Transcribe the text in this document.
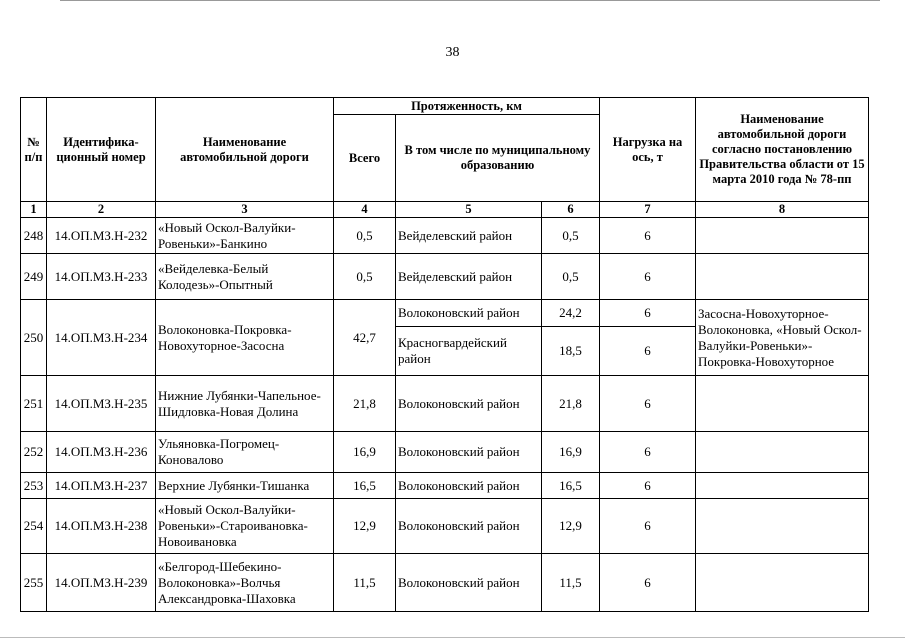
38
№ п/п	Идентифика-ционный номер	Наименование автомобильной дороги	Протяженность, км			Нагрузка на ось, т	Наименование автомобильной дороги согласно постановлению Правительства области от 15 марта 2010 года № 78-пп
			Всего	В том числе по муниципальному образованию			
1	2	3	4	5	6	7	8
248	14.ОП.МЗ.Н-232	«Новый Оскол-Валуйки-Ровеньки»-Банкино	0,5	Вейделевский район	0,5	6	
249	14.ОП.МЗ.Н-233	«Вейделевка-Белый Колодезь»-Опытный	0,5	Вейделевский район	0,5	6	
250	14.ОП.МЗ.Н-234	Волоконовка-Покровка-Новохуторное-Засосна	42,7	Волоконовский район	24,2	6	Засосна-Новохуторное-Волоконовка, «Новый Оскол-Валуйки-Ровеньки»-Покровка-Новохуторное
				Красногвардейский район	18,5	6	
251	14.ОП.МЗ.Н-235	Нижние Лубянки-Чапельное-Шидловка-Новая Долина	21,8	Волоконовский район	21,8	6	
252	14.ОП.МЗ.Н-236	Ульяновка-Погромец-Коновалово	16,9	Волоконовский район	16,9	6	
253	14.ОП.МЗ.Н-237	Верхние Лубянки-Тишанка	16,5	Волоконовский район	16,5	6	
254	14.ОП.МЗ.Н-238	«Новый Оскол-Валуйки-Ровеньки»-Староивановка-Новоивановка	12,9	Волоконовский район	12,9	6	
255	14.ОП.МЗ.Н-239	«Белгород-Шебекино-Волоконовка»-Волчья Александровка-Шаховка	11,5	Волоконовский район	11,5	6	
